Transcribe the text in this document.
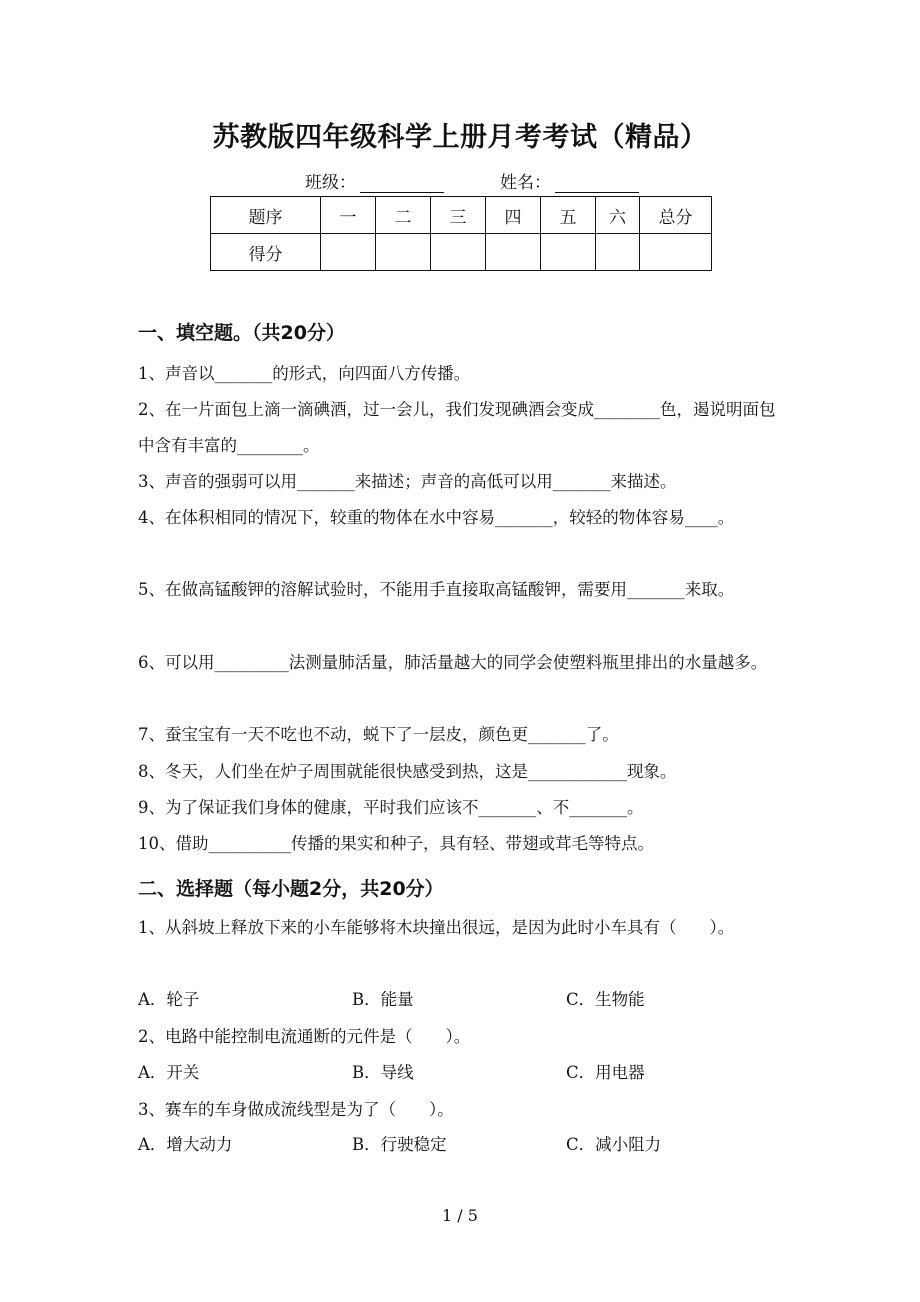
苏教版四年级科学上册月考考试（精品）
班级：	姓名：
题序	一	二	三	四	五	六	总分
得分							
一、填空题。（共20分）
1、声音以_______的形式，向四面八方传播。
2、在一片面包上滴一滴碘酒，过一会儿，我们发现碘酒会变成________色，遏说明面包中含有丰富的________。
3、声音的强弱可以用_______来描述；声音的高低可以用_______来描述。
4、在体积相同的情况下，较重的物体在水中容易_______，较轻的物体容易____。
5、在做高锰酸钾的溶解试验时，不能用手直接取高锰酸钾，需要用_______来取。
6、可以用_________法测量肺活量，肺活量越大的同学会使塑料瓶里排出的水量越多。
7、蚕宝宝有一天不吃也不动，蜕下了一层皮，颜色更_______了。
8、冬天，人们坐在炉子周围就能很快感受到热，这是____________现象。
9、为了保证我们身体的健康，平时我们应该不_______、不_______。
10、借助__________传播的果实和种子，具有轻、带翅或茸毛等特点。
二、选择题（每小题2分，共20分）
1、从斜坡上释放下来的小车能够将木块撞出很远，是因为此时小车具有（　　）。
A．轮子	B．能量	C．生物能
2、电路中能控制电流通断的元件是（　　）。
A．开关	B．导线	C．用电器
3、赛车的车身做成流线型是为了（　　）。
A．增大动力	B．行驶稳定	C．减小阻力
1 / 5
